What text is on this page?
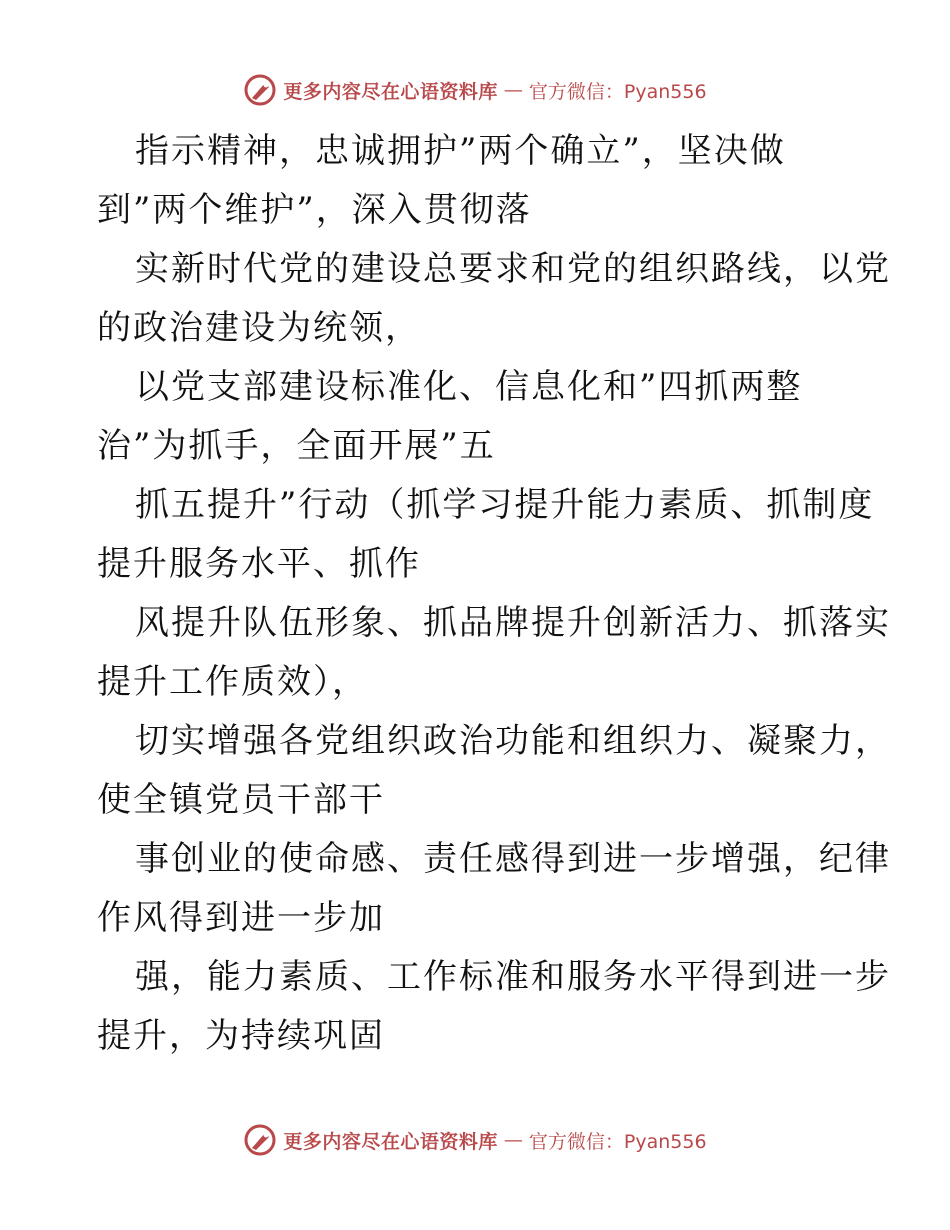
更多内容尽在心语资料库 — 官方微信：Pyan556
指示精神，忠诚拥护”两个确立”，坚决做
到”两个维护”，深入贯彻落
实新时代党的建设总要求和党的组织路线，以党
的政治建设为统领，
以党支部建设标准化、信息化和”四抓两整
治”为抓手，全面开展”五
抓五提升”行动（抓学习提升能力素质、抓制度
提升服务水平、抓作
风提升队伍形象、抓品牌提升创新活力、抓落实
提升工作质效），
切实增强各党组织政治功能和组织力、凝聚力，
使全镇党员干部干
事创业的使命感、责任感得到进一步增强，纪律
作风得到进一步加
强，能力素质、工作标准和服务水平得到进一步
提升，为持续巩固
更多内容尽在心语资料库 — 官方微信：Pyan556
